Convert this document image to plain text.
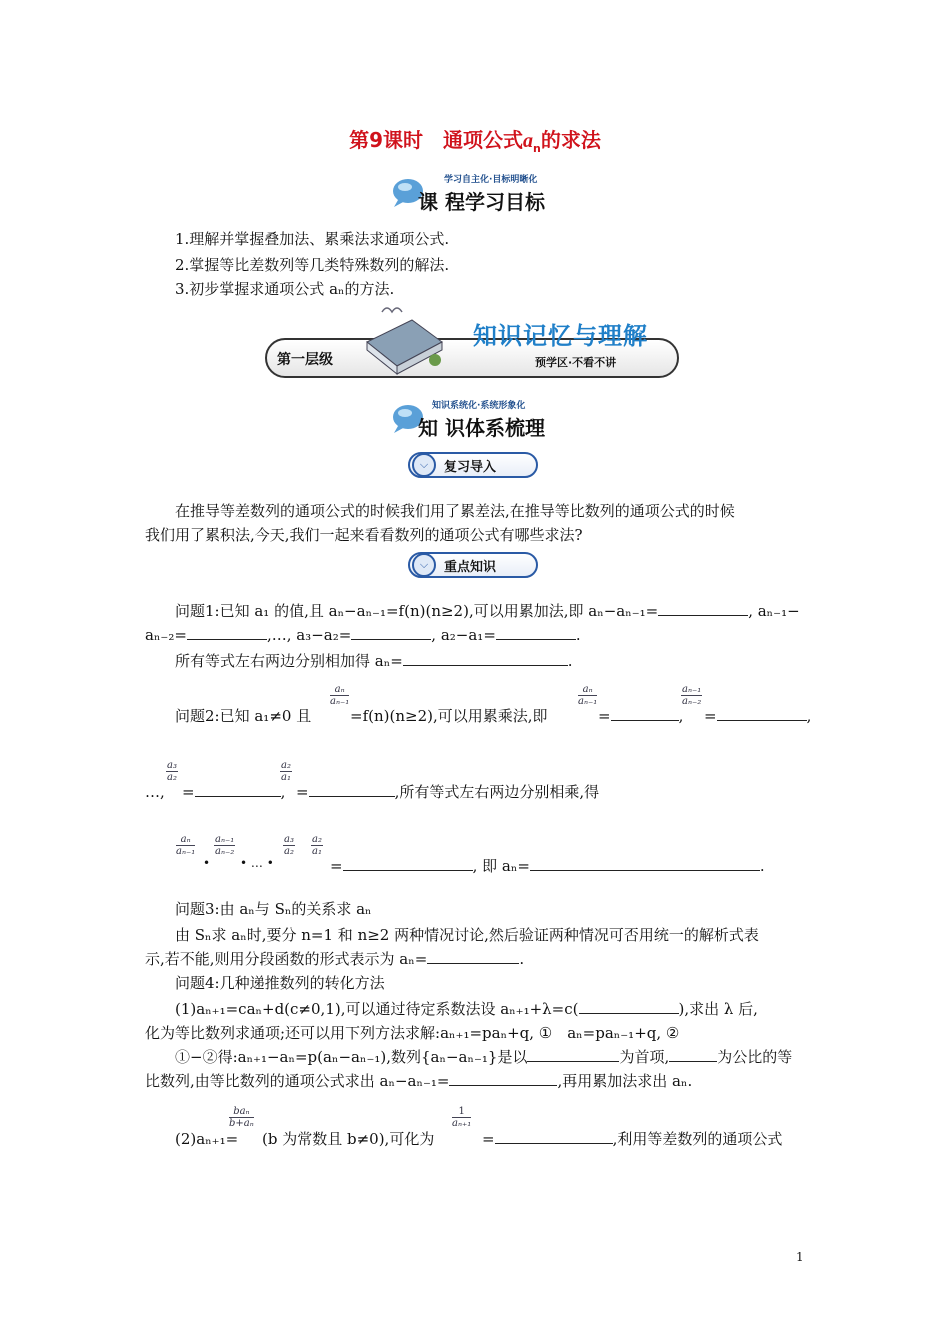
第9课时　通项公式$a_n$的求法
学习自主化·目标明晰化
课 程学习目标
1.理解并掌握叠加法、累乘法求通项公式.
2.掌握等比差数列等几类特殊数列的解法.
3.初步掌握求通项公式 aₙ的方法.
第一层级
知识记忆与理解
预学区·不看不讲
知识系统化·系统形象化
知 识体系梳理
⌵	复习导入
在推导等差数列的通项公式的时候我们用了累差法,在推导等比数列的通项公式的时候
我们用了累积法,今天,我们一起来看看数列的通项公式有哪些求法?
⌵	重点知识
问题1:已知 a₁ 的值,且 aₙ−aₙ₋₁=f(n)(n≥2),可以用累加法,即 aₙ−aₙ₋₁=	, aₙ₋₁−
aₙ₋₂=	,…, a₃−a₂=	, a₂−a₁=	.
所有等式左右两边分别相加得 aₙ=	.
问题2:已知 a₁≠0 且
$\frac{\text{aₙ}}{\text{aₙ₋₁}}$
=f(n)(n≥2),可以用累乘法,即
$\frac{\text{aₙ}}{\text{aₙ₋₁}}$
=	,
$\frac{\text{aₙ₋₁}}{\text{aₙ₋₂}}$
=	,
$\frac{\text{a₃}}{\text{a₂}}$	$\frac{\text{a₂}}{\text{a₁}}$
…, =	, =	,所有等式左右两边分别相乘,得
$\frac{\text{aₙ}}{\text{aₙ₋₁}}$
•
$\frac{\text{aₙ₋₁}}{\text{aₙ₋₂}}$
• … •
$\frac{\text{a₃}}{\text{a₂}} \frac{\text{a₂}}{\text{a₁}}$
=	, 即 aₙ=	.
问题3:由 aₙ与 Sₙ的关系求 aₙ
由 Sₙ求 aₙ时,要分 n=1 和 n≥2 两种情况讨论,然后验证两种情况可否用统一的解析式表
示,若不能,则用分段函数的形式表示为 aₙ=	.
问题4:几种递推数列的转化方法
(1)aₙ₊₁=caₙ+d(c≠0,1),可以通过待定系数法设 aₙ₊₁+λ=c(	),求出 λ 后,
化为等比数列求通项;还可以用下列方法求解:aₙ₊₁=paₙ+q, ①　aₙ=paₙ₋₁+q, ②
①−②得:aₙ₊₁−aₙ=p(aₙ−aₙ₋₁),数列{aₙ−aₙ₋₁}是以	为首项,	为公比的等
比数列,由等比数列的通项公式求出 aₙ−aₙ₋₁=	,再用累加法求出 aₙ.
(2)aₙ₊₁=
baₙ
b+aₙ
(b 为常数且 b≠0),可化为
$\frac{1}{\text{aₙ₊₁}}$
=	,利用等差数列的通项公式
1
